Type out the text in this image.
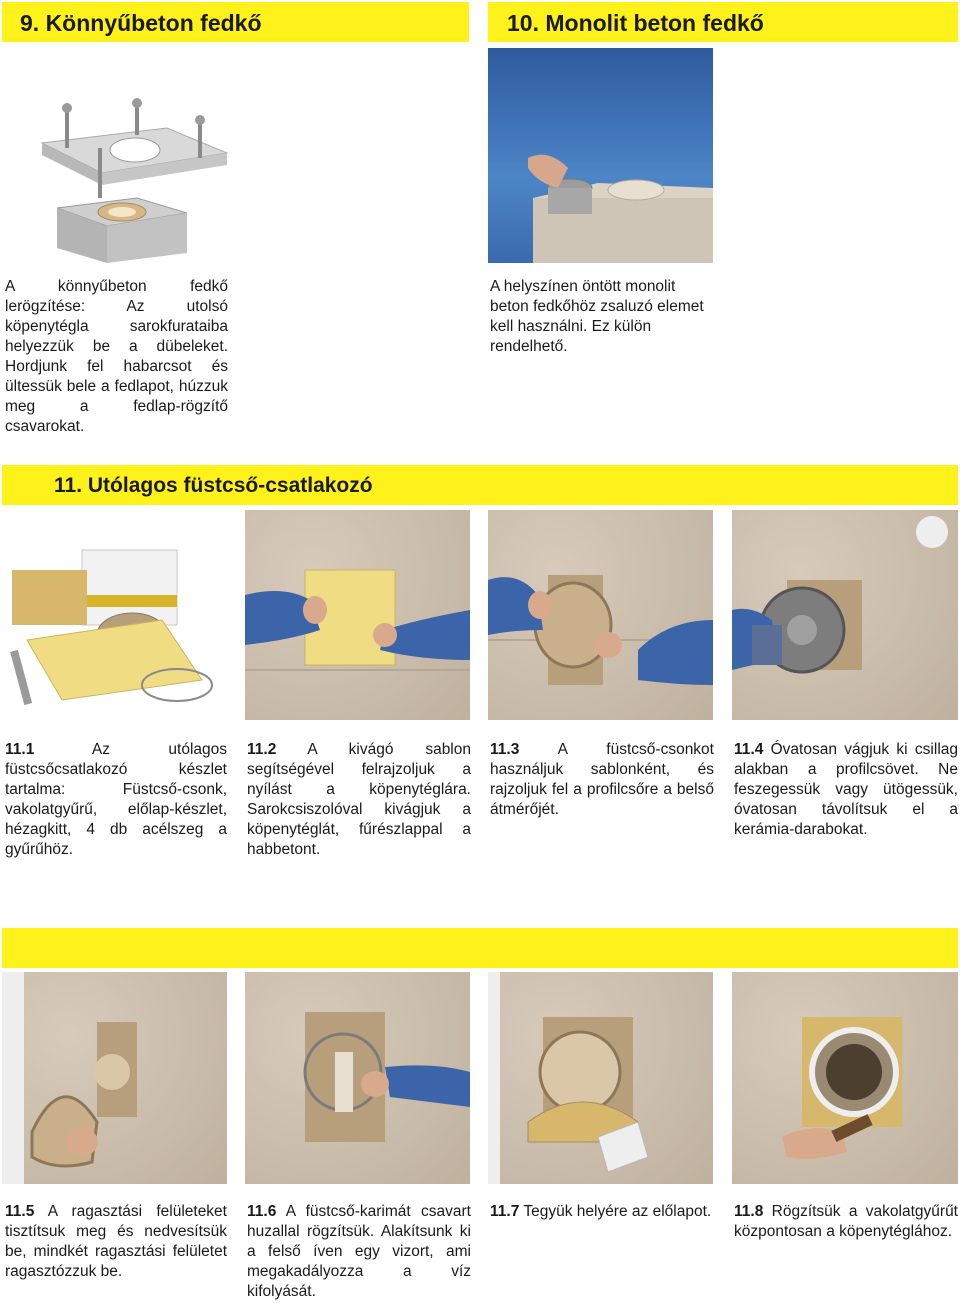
9. Könnyűbeton fedkő
A könnyűbeton fedkő lerögzítése: Az utolsó köpenytégla sarokfurataiba helyezzük be a dübeleket. Hordjunk fel habarcsot és ültessük bele a fedlapot, húzzuk meg a fedlap-rögzítő csavarokat.
10. Monolit beton fedkő
A helyszínen öntött monolit beton fedkőhöz zsaluzó elemet kell használni. Ez külön rendelhető.
11. Utólagos füstcső-csatlakozó
11.1 Az utólagos füstcsőcsatlakozó készlet tartalma: Füstcső-csonk, vakolatgyűrű, előlap-készlet, hézagkitt, 4 db acélszeg a gyűrűhöz.
11.2 A kivágó sablon segítségével felrajzoljuk a nyílást a köpenytéglára. Sarokcsiszolóval kivágjuk a köpenytéglát, fűrészlappal a habbetont.
11.3 A füstcső-csonkot használjuk sablonként, és rajzoljuk fel a profilcsőre a belső átmérőjét.
11.4 Óvatosan vágjuk ki csillag alakban a profilcsövet. Ne feszegessük vagy ütögessük, óvatosan távolítsuk el a kerámia-darabokat.
11.5 A ragasztási felületeket tisztítsuk meg és nedvesítsük be, mindkét ragasztási felületet ragasztózzuk be.
11.6 A füstcső-karimát csavart huzallal rögzítsük. Alakítsunk ki a felső íven egy vizort, ami megakadályozza a víz kifolyását.
11.7 Tegyük helyére az előlapot. 11.8 Rögzítsük a vakolatgyűrűt központosan a köpenytéglához.
